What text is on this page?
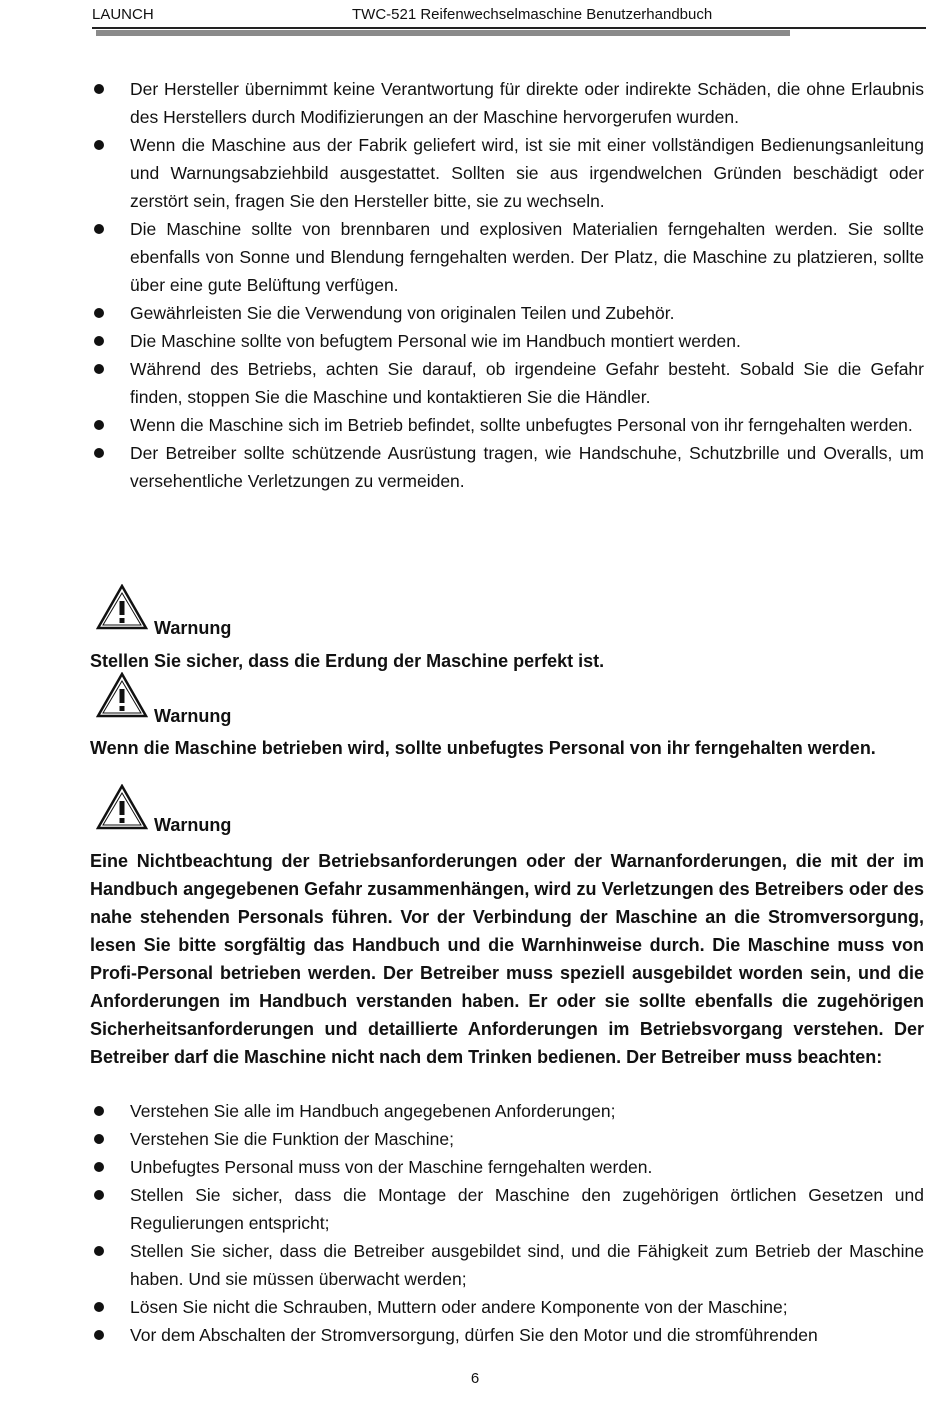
LAUNCH	TWC-521 Reifenwechselmaschine Benutzerhandbuch
Der Hersteller übernimmt keine Verantwortung für direkte oder indirekte Schäden, die ohne Erlaubnis des Herstellers durch Modifizierungen an der Maschine hervorgerufen wurden.
Wenn die Maschine aus der Fabrik geliefert wird, ist sie mit einer vollständigen Bedienungsanleitung und Warnungsabziehbild ausgestattet. Sollten sie aus irgendwelchen Gründen beschädigt oder zerstört sein, fragen Sie den Hersteller bitte, sie zu wechseln.
Die Maschine sollte von brennbaren und explosiven Materialien ferngehalten werden. Sie sollte ebenfalls von Sonne und Blendung ferngehalten werden. Der Platz, die Maschine zu platzieren, sollte über eine gute Belüftung verfügen.
Gewährleisten Sie die Verwendung von originalen Teilen und Zubehör.
Die Maschine sollte von befugtem Personal wie im Handbuch montiert werden.
Während des Betriebs, achten Sie darauf, ob irgendeine Gefahr besteht. Sobald Sie die Gefahr finden, stoppen Sie die Maschine und kontaktieren Sie die Händler.
Wenn die Maschine sich im Betrieb befindet, sollte unbefugtes Personal von ihr ferngehalten werden.
Der Betreiber sollte schützende Ausrüstung tragen, wie Handschuhe, Schutzbrille und Overalls, um versehentliche Verletzungen zu vermeiden.
Warnung

Stellen Sie sicher, dass die Erdung der Maschine perfekt ist.

Warnung

Wenn die Maschine betrieben wird, sollte unbefugtes Personal von ihr ferngehalten werden.

Warnung

Eine Nichtbeachtung der Betriebsanforderungen oder der Warnanforderungen, die mit der im Handbuch angegebenen Gefahr zusammenhängen, wird zu Verletzungen des Betreibers oder des nahe stehenden Personals führen. Vor der Verbindung der Maschine an die Stromversorgung, lesen Sie bitte sorgfältig das Handbuch und die Warnhinweise durch. Die Maschine muss von Profi-Personal betrieben werden. Der Betreiber muss speziell ausgebildet worden sein, und die Anforderungen im Handbuch verstanden haben. Er oder sie sollte ebenfalls die zugehörigen Sicherheitsanforderungen und detaillierte Anforderungen im Betriebsvorgang verstehen. Der Betreiber darf die Maschine nicht nach dem Trinken bedienen. Der Betreiber muss beachten:

Verstehen Sie alle im Handbuch angegebenen Anforderungen;
Verstehen Sie die Funktion der Maschine;
Unbefugtes Personal muss von der Maschine ferngehalten werden.
Stellen Sie sicher, dass die Montage der Maschine den zugehörigen örtlichen Gesetzen und Regulierungen entspricht;
Stellen Sie sicher, dass die Betreiber ausgebildet sind, und die Fähigkeit zum Betrieb der Maschine haben. Und sie müssen überwacht werden;
Lösen Sie nicht die Schrauben, Muttern oder andere Komponente von der Maschine;
Vor dem Abschalten der Stromversorgung, dürfen Sie den Motor und die stromführenden
6
